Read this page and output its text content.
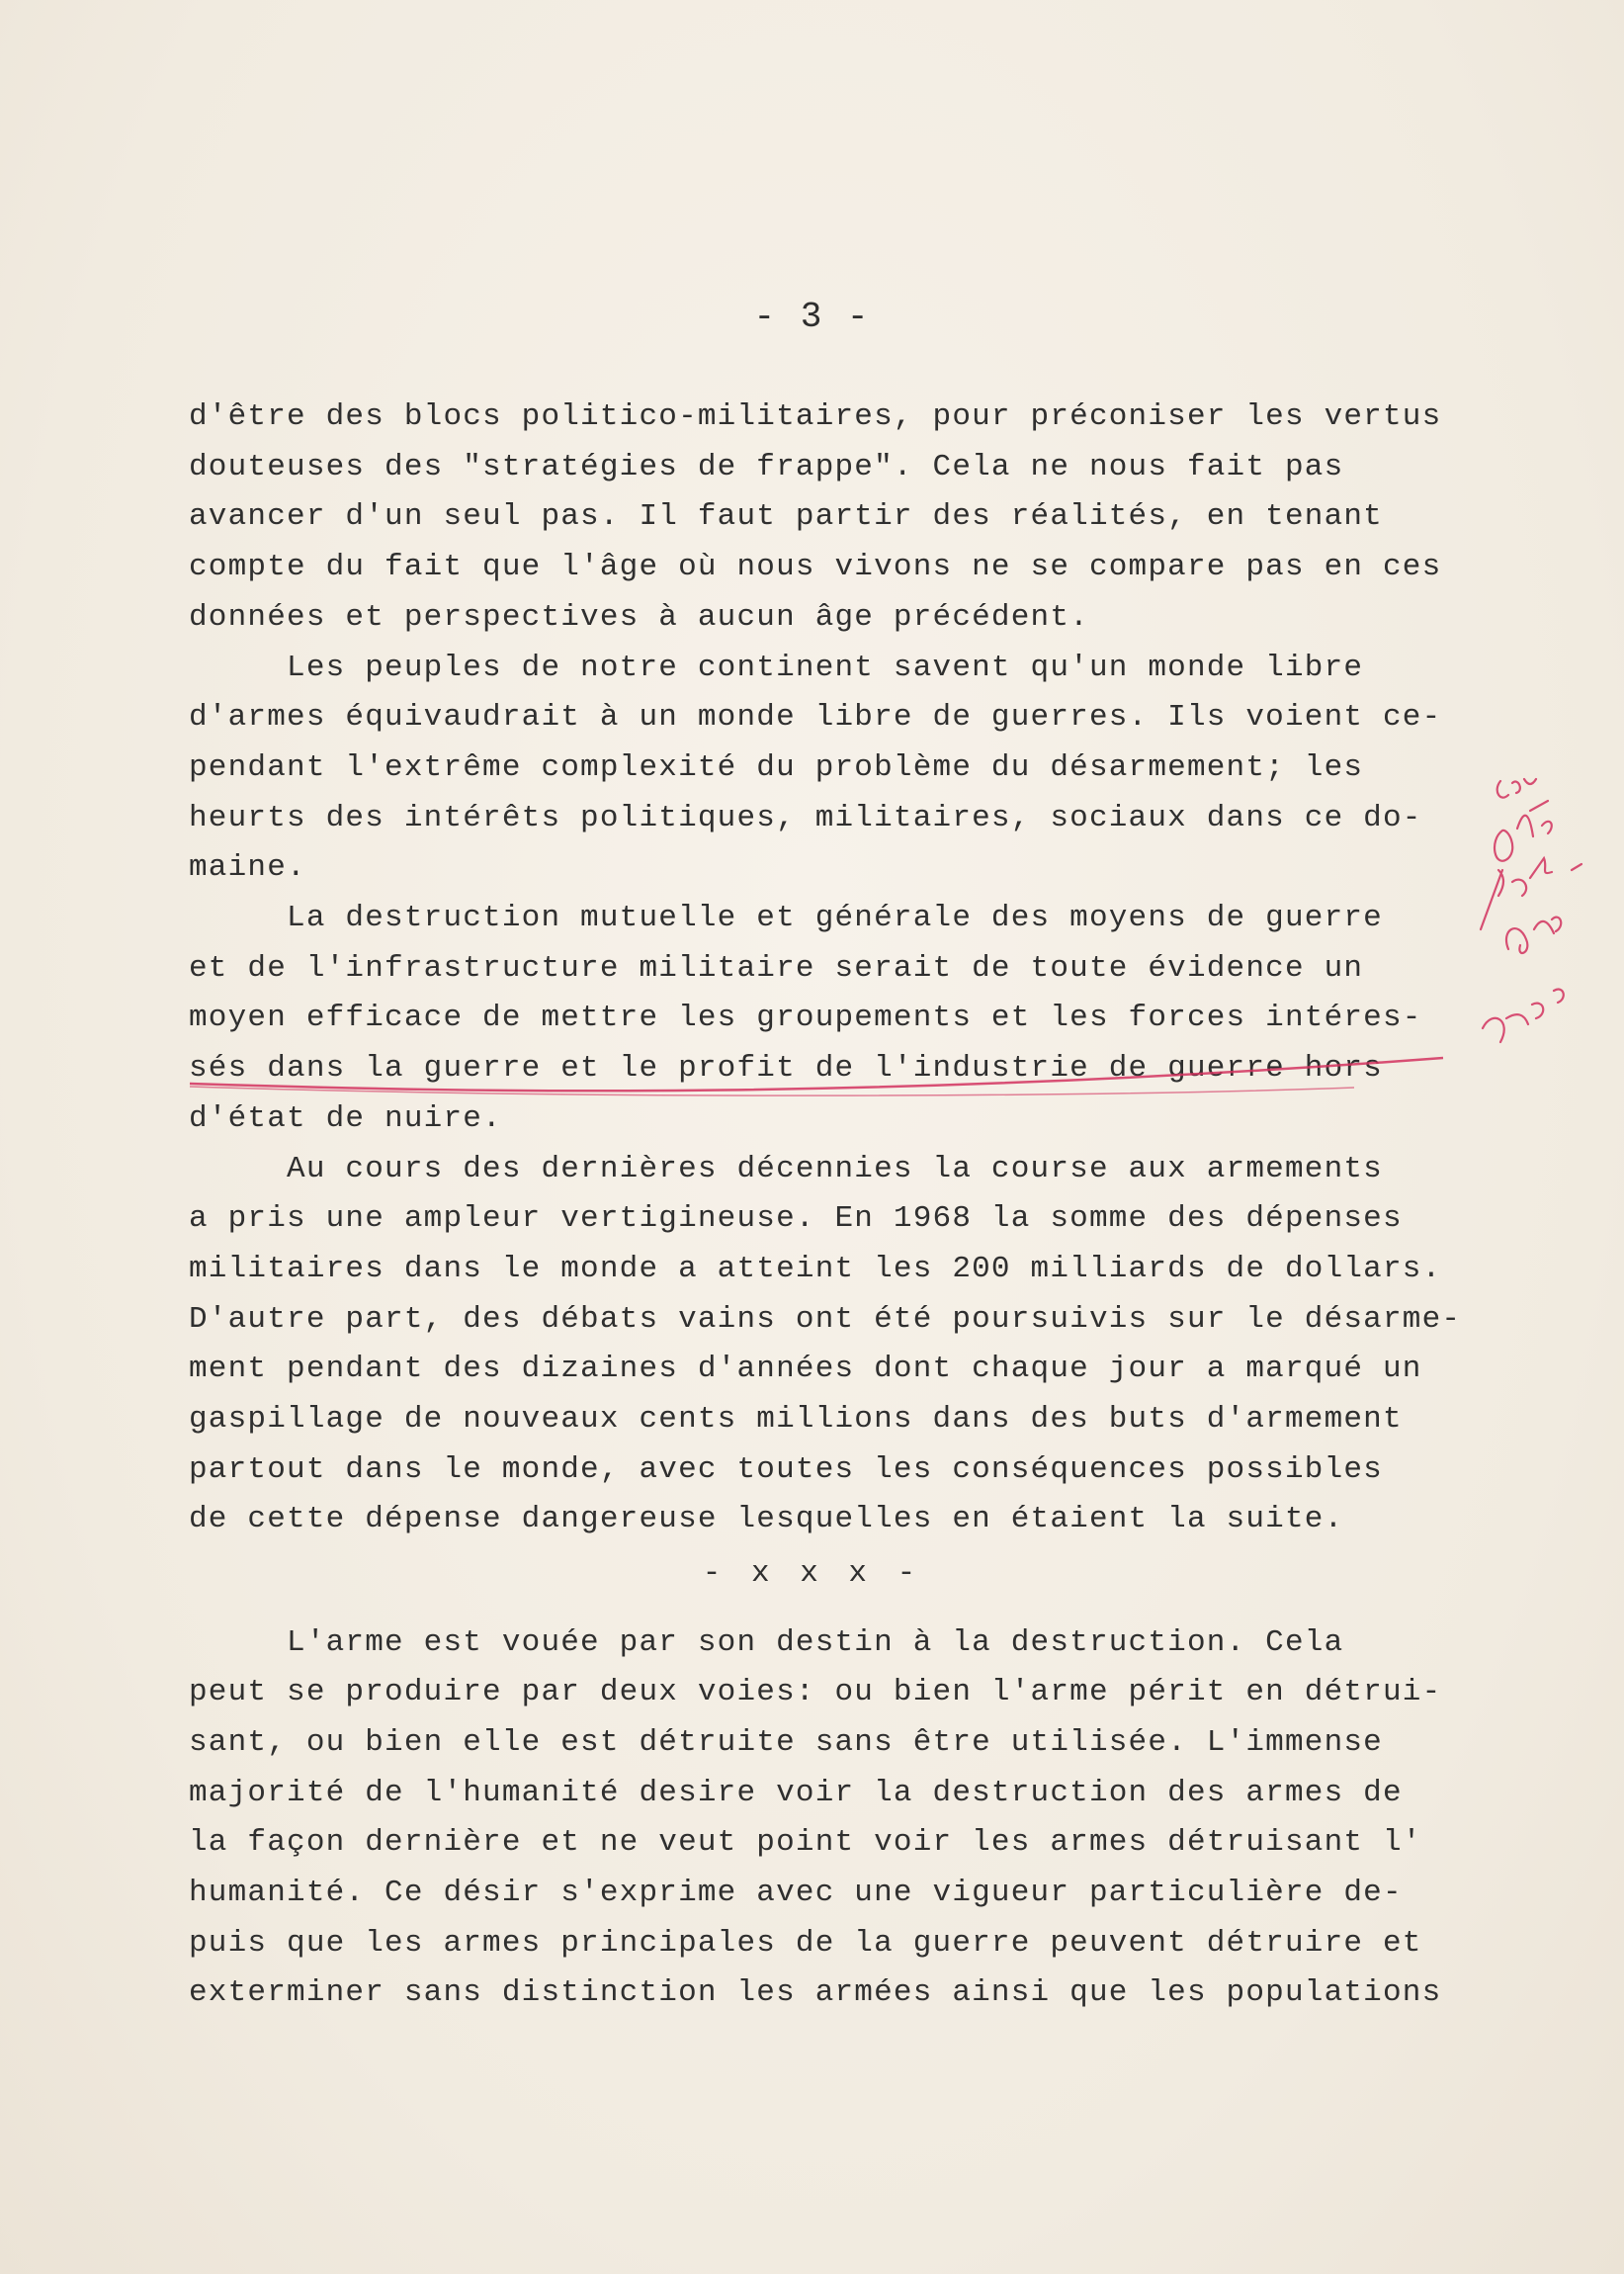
- 3 -
d'être des blocs politico-militaires, pour préconiser les vertus
douteuses des "stratégies de frappe". Cela ne nous fait pas
avancer d'un seul pas. Il faut partir des réalités, en tenant
compte du fait que l'âge où nous vivons ne se compare pas en ces
données et perspectives à aucun âge précédent.
Les peuples de notre continent savent qu'un monde libre
d'armes équivaudrait à un monde libre de guerres. Ils voient ce-
pendant l'extrême complexité du problème du désarmement; les
heurts des intérêts politiques, militaires, sociaux dans ce do-
maine.
La destruction mutuelle et générale des moyens de guerre
et de l'infrastructure militaire serait de toute évidence un
moyen efficace de mettre les groupements et les forces intéres-
sés dans la guerre et le profit de l'industrie de guerre hors
d'état de nuire.
Au cours des dernières décennies la course aux armements
a pris une ampleur vertigineuse. En 1968 la somme des dépenses
militaires dans le monde a atteint les 200 milliards de dollars.
D'autre part, des débats vains ont été poursuivis sur le désarme-
ment pendant des dizaines d'années dont chaque jour a marqué un
gaspillage de nouveaux cents millions dans des buts d'armement
partout dans le monde, avec toutes les conséquences possibles
de cette dépense dangereuse lesquelles en étaient la suite.
- x x x -
L'arme est vouée par son destin à la destruction. Cela
peut se produire par deux voies: ou bien l'arme périt en détrui-
sant, ou bien elle est détruite sans être utilisée. L'immense
majorité de l'humanité desire voir la destruction des armes de
la façon dernière et ne veut point voir les armes détruisant l'
humanité. Ce désir s'exprime avec une vigueur particulière de-
puis que les armes principales de la guerre peuvent détruire et
exterminer sans distinction les armées ainsi que les populations
